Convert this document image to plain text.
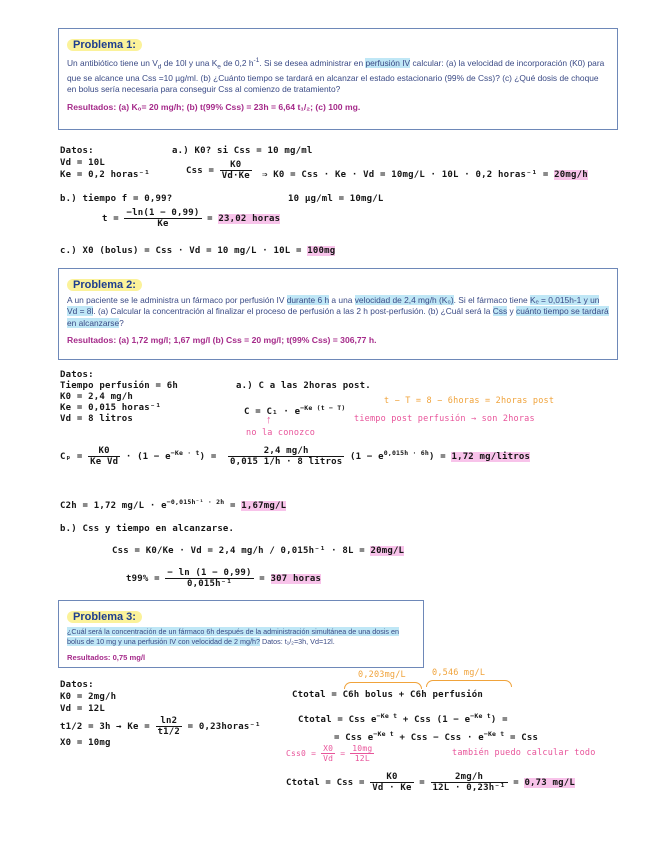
Problema 1:
Un antibiótico tiene un $V_d$ de 10l y una $K_e$ de 0,2 $h^{-1}$. Si se desea administrar en perfusión IV calcular: (a) la velocidad de incorporación (K0) para que se alcance una Css =10 µg/ml. (b) ¿Cuánto tiempo se tardará en alcanzar el estado estacionario (99% de Css)? (c) ¿Qué dosis de choque en bolus sería necesaria para conseguir Css al comienzo de tratamiento?
Resultados: (a) K₀= 20 mg/h; (b) t(99% Css) = 23h = 6,64 t₁/₂; (c) 100 mg.
Datos:
Vd = 10L
Ke = 0,2 horas⁻¹
a.) K0? si Css = 10 mg/ml
Css = $\frac{K0}{Vd\cdot Ke}$ ⇒ K0 = Css · Ke · Vd = 10mg/L · 10L · 0,2 horas⁻¹ = 20mg/h
b.) tiempo f = 0,99?	10 µg/ml = 10mg/L
$t = \frac{-\ln(1 - 0,99)}{Ke} = 23,02$ horas
c.) X0 (bolus) = Css · Vd = 10 mg/L · 10L = 100mg
Problema 2:
A un paciente se le administra un fármaco por perfusión IV durante 6 h a una velocidad de 2,4 mg/h (K₀). Si el fármaco tiene Kₑ = 0,015h-1 y un Vd = 8l. (a) Calcular la concentración al finalizar el proceso de perfusión a las 2 h post-perfusión. (b) ¿Cuál será la Css y cuánto tiempo se tardará en alcanzarse?
Resultados: (a) 1,72 mg/l; 1,67 mg/l (b) Css = 20 mg/l; t(99% Css) = 306,77 h.
Datos:
Tiempo perfusión = 6h
K0 = 2,4 mg/h
Ke = 0,015 horas⁻¹
Vd = 8 litros
a.) C a las 2horas post.
$C = C_1 \cdot e^{-Ke (t - T)}$
t − T = 8 − 6horas = 2horas post
tiempo post perfusión → son 2horas
↑
no la conozco
$C_p = \frac{K0}{\text{Ke Vd}} \cdot (1 - e^{-Ke \cdot t}) = \frac{2,4 mg/h}{\text{0,015 1/h · 8 litros}} (1 - e^{0,015h \cdot 6h}) = 1,72$ mg/litros
C2h = 1,72 $mg/L \cdot e^{-0,015h^{-1} \cdot 2h} = 1,67mg/L$
b.) Css y tiempo en alcanzarse.
Css = K0/Ke · Vd = 2,4 mg/h / 0,015h⁻¹ · 8L = 20mg/L
$t99\% = \frac{- \ln (1 - 0,99)}{\text{0,015h⁻¹}} = 307$ horas
Problema 3:
¿Cuál será la concentración de un fármaco 6h después de la administración simultánea de una dosis en bolus de 10 mg y una perfusión IV con velocidad de 2 mg/h? Datos: t₁/₂=3h, Vd=12l.
Resultados: 0,75 mg/l
Datos:
K0 = 2mg/h
Vd = 12L
$t1/2 = 3h \to Ke = \frac{\ln 2}{t1/2}$ = 0,23horas⁻¹
X0 = 10mg
0,203mg/L	0,546 mg/L
Ctotal = C6h bolus + C6h perfusión
Ctotal = Css $e^{-Ke t}$ + Css $(1 - e^{-Ke t})$ =
= Css $e^{-Ke t}$ + Css − Css · $e^{-Ke t}$ = Css
$Css0 = \frac{X0}{Vd} = \frac{10mg}{12L}$	también puedo calcular todo
Ctotal = Css = $\frac{K0}{Vd \cdot Ke} = \frac{2mg/h}{\text{12L · 0,23h⁻¹}} = 0,73$ mg/L
